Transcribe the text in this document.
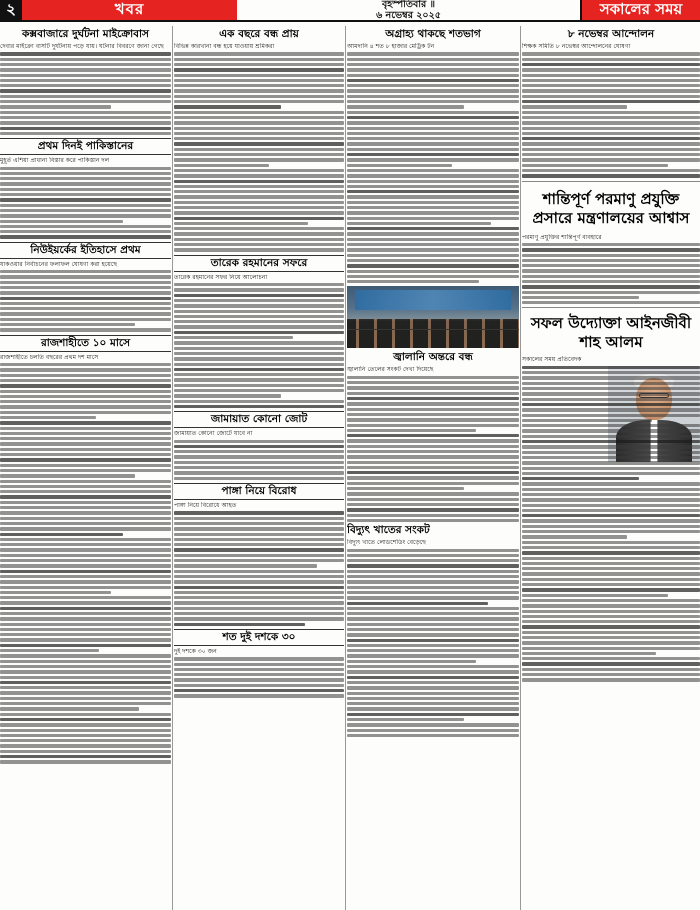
২	খবর	বৃহস্পতিবার ॥
৬ নভেম্বর ২০২৫	সকালের সময়
কক্সবাজারে দুর্ঘটনা মাইক্রোবাস
দেবার মাইক্রো বাসটি দুর্ঘটনায় পড়ে যায়। ঘটনার বিবরণে জানা গেছে
প্রথম দিনই পাকিস্তানের
মুহূর্ত এশিয়া প্রাধান্য বিস্তার করে পাকিস্তান দল
নিউইয়র্কের ইতিহাসে প্রথম
যাকওয়ার নির্বাচনের ফলাফল ঘোষণা করা হয়েছে
রাজশাহীতে ১০ মাসে
রাজশাহীতে চলতি বছরের প্রথম দশ মাসে
এক বছরে বন্ধ প্রায়
বিভিন্ন কারখানা বন্ধ হয়ে যাওয়ায় শ্রমিকরা
তারেক রহমানের সফরে
তারেক রহমানের সফর নিয়ে আলোচনা
জামায়াত কোনো জোট
জামায়াত কোনো জোটে যাবে না
পাঙ্গা নিয়ে বিরোধ
পাঙ্গা নিয়ে বিরোধে আহত
শত দুই দশকে ৩০
দুই দশকে ৩০ জন
অগ্রাহ্য থাকছে শতভাগ
আমদানি ৪ শত ৮ হাজার মেট্রিক টন
জ্বালানি অন্তরে বন্ধ
জ্বালানি তেলের সংকট দেখা দিয়েছে
বিদ্যুৎ খাতের সংকট
বিদ্যুৎ খাতে লোডশেডিং বেড়েছে
৮ নভেম্বর আন্দোলন
শিক্ষক সমিতি ৮ নভেম্বর আন্দোলনের ঘোষণা
শান্তিপূর্ণ পরমাণু প্রযুক্তি প্রসারে মন্ত্রণালয়ের আশ্বাস
পরমাণু প্রযুক্তির শান্তিপূর্ণ ব্যবহারে
সফল উদ্যোক্তা আইনজীবী শাহ আলম
সকালের সময় প্রতিবেদক
